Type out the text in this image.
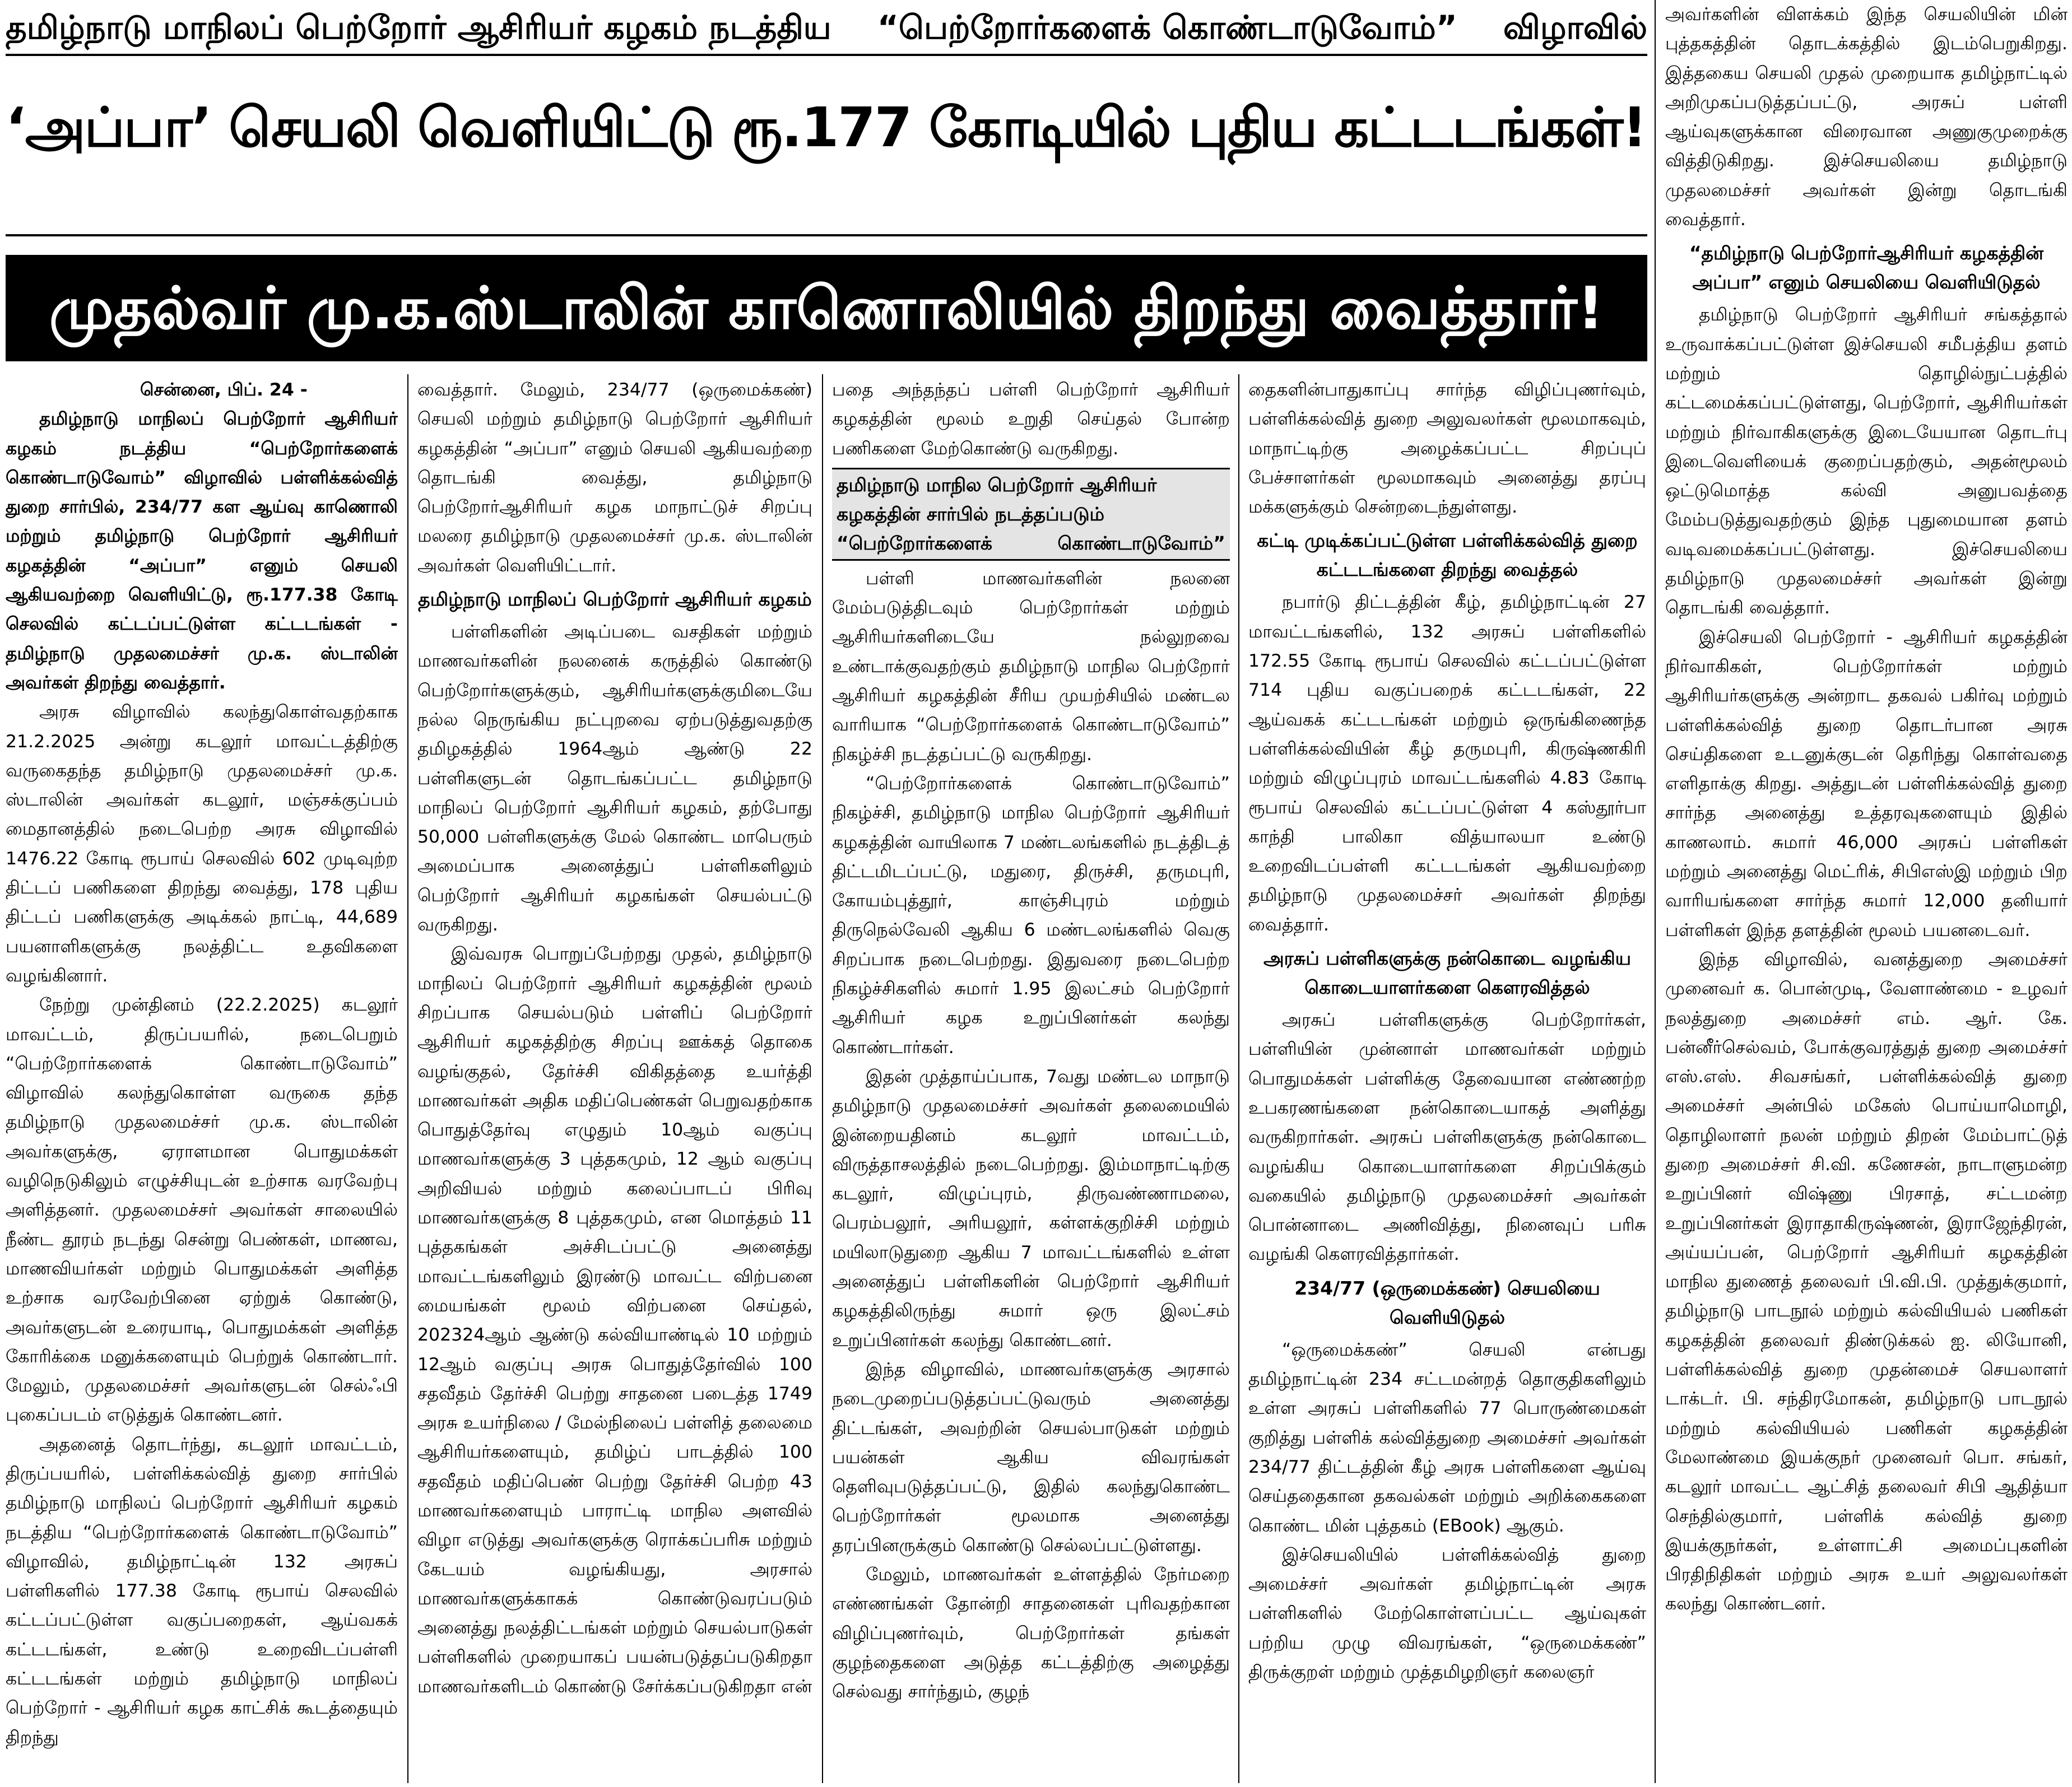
தமிழ்நாடு மாநிலப் பெற்றோர் ஆசிரியர் கழகம் நடத்திய “பெற்றோர்களைக் கொண்டாடுவோம்” விழாவில்
‘அப்பா’ செயலி வெளியிட்டு ரூ.177 கோடியில் புதிய கட்டடங்கள்!
முதல்வர் மு.க.ஸ்டாலின் காணொலியில் திறந்து வைத்தார்!

சென்னை, பிப். 24 -

தமிழ்நாடு மாநிலப் பெற்றோர் ஆசிரியர் கழகம் நடத்திய “பெற்றோர்களைக் கொண்டாடுவோம்” விழாவில் பள்ளிக்கல்வித் துறை சார்பில், 234/77 கள ஆய்வு காணொலி மற்றும் தமிழ்நாடு பெற்றோர் ஆசிரியர் கழகத்தின் “அப்பா” எனும் செயலி ஆகியவற்றை வெளியிட்டு, ரூ.177.38 கோடி செலவில் கட்டப்பட்டுள்ள கட்டடங்கள் - தமிழ்நாடு முதலமைச்சர் மு.க. ஸ்டாலின் அவர்கள் திறந்து வைத்தார்.

அரசு விழாவில் கலந்துகொள்வதற்காக 21.2.2025 அன்று கடலூர் மாவட்டத்திற்கு வருகைதந்த தமிழ்நாடு முதலமைச்சர் மு.க. ஸ்டாலின் அவர்கள் கடலூர், மஞ்சக்குப்பம் மைதானத்தில் நடைபெற்ற அரசு விழாவில் 1476.22 கோடி ரூபாய் செலவில் 602 முடிவுற்ற திட்டப் பணிகளை திறந்து வைத்து, 178 புதிய திட்டப் பணிகளுக்கு அடிக்கல் நாட்டி, 44,689 பயனாளிகளுக்கு நலத்திட்ட உதவிகளை வழங்கினார்.

நேற்று முன்தினம் (22.2.2025) கடலூர் மாவட்டம், திருப்பயரில், நடைபெறும் “பெற்றோர்களைக் கொண்டாடுவோம்” விழாவில் கலந்துகொள்ள வருகை தந்த தமிழ்நாடு முதலமைச்சர் மு.க. ஸ்டாலின் அவர்களுக்கு, ஏராளமான பொதுமக்கள் வழிநெடுகிலும் எழுச்சியுடன் உற்சாக வரவேற்பு அளித்தனர். முதலமைச்சர் அவர்கள் சாலையில் நீண்ட தூரம் நடந்து சென்று பெண்கள், மாணவ, மாணவியர்கள் மற்றும் பொதுமக்கள் அளித்த உற்சாக வரவேற்பினை ஏற்றுக் கொண்டு, அவர்களுடன் உரையாடி, பொதுமக்கள் அளித்த கோரிக்கை மனுக்களையும் பெற்றுக் கொண்டார். மேலும், முதலமைச்சர் அவர்களுடன் செல்ஃபி புகைப்படம் எடுத்துக் கொண்டனர்.

அதனைத் தொடர்ந்து, கடலூர் மாவட்டம், திருப்பயரில், பள்ளிக்கல்வித் துறை சார்பில் தமிழ்நாடு மாநிலப் பெற்றோர் ஆசிரியர் கழகம் நடத்திய “பெற்றோர்களைக் கொண்டாடுவோம்” விழாவில், தமிழ்நாட்டின் 132 அரசுப் பள்ளிகளில் 177.38 கோடி ரூபாய் செலவில் கட்டப்பட்டுள்ள வகுப்பறைகள், ஆய்வகக் கட்டடங்கள், உண்டு உறைவிடப்பள்ளி கட்டடங்கள் மற்றும் தமிழ்நாடு மாநிலப் பெற்றோர் - ஆசிரியர் கழக காட்சிக் கூடத்தையும் திறந்து

வைத்தார். மேலும், 234/77 (ஒருமைக்கண்) செயலி மற்றும் தமிழ்நாடு பெற்றோர் ஆசிரியர் கழகத்தின் “அப்பா” எனும் செயலி ஆகியவற்றை தொடங்கி வைத்து, தமிழ்நாடு பெற்றோர்ஆசிரியர் கழக மாநாட்டுச் சிறப்பு மலரை தமிழ்நாடு முதலமைச்சர் மு.க. ஸ்டாலின் அவர்கள் வெளியிட்டார்.

தமிழ்நாடு மாநிலப் பெற்றோர் ஆசிரியர் கழகம்

பள்ளிகளின் அடிப்படை வசதிகள் மற்றும் மாணவர்களின் நலனைக் கருத்தில் கொண்டு பெற்றோர்களுக்கும், ஆசிரியர்களுக்குமிடையே நல்ல நெருங்கிய நட்புறவை ஏற்படுத்துவதற்கு தமிழகத்தில் 1964ஆம் ஆண்டு 22 பள்ளிகளுடன் தொடங்கப்பட்ட தமிழ்நாடு மாநிலப் பெற்றோர் ஆசிரியர் கழகம், தற்போது 50,000 பள்ளிகளுக்கு மேல் கொண்ட மாபெரும் அமைப்பாக அனைத்துப் பள்ளிகளிலும் பெற்றோர் ஆசிரியர் கழகங்கள் செயல்பட்டு வருகிறது.

இவ்வரசு பொறுப்பேற்றது முதல், தமிழ்நாடு மாநிலப் பெற்றோர் ஆசிரியர் கழகத்தின் மூலம் சிறப்பாக செயல்படும் பள்ளிப் பெற்றோர் ஆசிரியர் கழகத்திற்கு சிறப்பு ஊக்கத் தொகை வழங்குதல், தேர்ச்சி விகிதத்தை உயர்த்தி மாணவர்கள் அதிக மதிப்பெண்கள் பெறுவதற்காக பொதுத்தேர்வு எழுதும் 10ஆம் வகுப்பு மாணவர்களுக்கு 3 புத்தகமும், 12 ஆம் வகுப்பு அறிவியல் மற்றும் கலைப்பாடப் பிரிவு மாணவர்களுக்கு 8 புத்தகமும், என மொத்தம் 11 புத்தகங்கள் அச்சிடப்பட்டு அனைத்து மாவட்டங்களிலும் இரண்டு மாவட்ட விற்பனை மையங்கள் மூலம் விற்பனை செய்தல், 202324ஆம் ஆண்டு கல்வியாண்டில் 10 மற்றும் 12ஆம் வகுப்பு அரசு பொதுத்தேர்வில் 100 சதவீதம் தேர்ச்சி பெற்று சாதனை படைத்த 1749 அரசு உயர்நிலை / மேல்நிலைப் பள்ளித் தலைமை ஆசிரியர்களையும், தமிழ்ப் பாடத்தில் 100 சதவீதம் மதிப்பெண் பெற்று தேர்ச்சி பெற்ற 43 மாணவர்களையும் பாராட்டி மாநில அளவில் விழா எடுத்து அவர்களுக்கு ரொக்கப்பரிசு மற்றும் கேடயம் வழங்கியது, அரசால் மாணவர்களுக்காகக் கொண்டுவரப்படும் அனைத்து நலத்திட்டங்கள் மற்றும் செயல்பாடுகள் பள்ளிகளில் முறையாகப் பயன்படுத்தப்படுகிறதா மாணவர்களிடம் கொண்டு சேர்க்கப்படுகிறதா என்

பதை அந்தந்தப் பள்ளி பெற்றோர் ஆசிரியர் கழகத்தின் மூலம் உறுதி செய்தல் போன்ற பணிகளை மேற்கொண்டு வருகிறது.

தமிழ்நாடு மாநில பெற்றோர் ஆசிரியர் கழகத்தின் சார்பில் நடத்தப்படும் “பெற்றோர்களைக் கொண்டாடுவோம்”

பள்ளி மாணவர்களின் நலனை மேம்படுத்திடவும் பெற்றோர்கள் மற்றும் ஆசிரியர்களிடையே நல்லுறவை உண்டாக்குவதற்கும் தமிழ்நாடு மாநில பெற்றோர் ஆசிரியர் கழகத்தின் சீரிய முயற்சியில் மண்டல வாரியாக “பெற்றோர்களைக் கொண்டாடுவோம்” நிகழ்ச்சி நடத்தப்பட்டு வருகிறது.

“பெற்றோர்களைக் கொண்டாடுவோம்” நிகழ்ச்சி, தமிழ்நாடு மாநில பெற்றோர் ஆசிரியர் கழகத்தின் வாயிலாக 7 மண்டலங்களில் நடத்திடத் திட்டமிடப்பட்டு, மதுரை, திருச்சி, தருமபுரி, கோயம்புத்தூர், காஞ்சிபுரம் மற்றும் திருநெல்வேலி ஆகிய 6 மண்டலங்களில் வெகு சிறப்பாக நடைபெற்றது. இதுவரை நடைபெற்ற நிகழ்ச்சிகளில் சுமார் 1.95 இலட்சம் பெற்றோர் ஆசிரியர் கழக உறுப்பினர்கள் கலந்து கொண்டார்கள்.

இதன் முத்தாய்ப்பாக, 7வது மண்டல மாநாடு தமிழ்நாடு முதலமைச்சர் அவர்கள் தலைமையில் இன்றையதினம் கடலூர் மாவட்டம், விருத்தாசலத்தில் நடைபெற்றது. இம்மாநாட்டிற்கு கடலூர், விழுப்புரம், திருவண்ணாமலை, பெரம்பலூர், அரியலூர், கள்ளக்குறிச்சி மற்றும் மயிலாடுதுறை ஆகிய 7 மாவட்டங்களில் உள்ள அனைத்துப் பள்ளிகளின் பெற்றோர் ஆசிரியர் கழகத்திலிருந்து சுமார் ஒரு இலட்சம் உறுப்பினர்கள் கலந்து கொண்டனர்.

இந்த விழாவில், மாணவர்களுக்கு அரசால் நடைமுறைப்படுத்தப்பட்டுவரும் அனைத்து திட்டங்கள், அவற்றின் செயல்பாடுகள் மற்றும் பயன்கள் ஆகிய விவரங்கள் தெளிவுபடுத்தப்பட்டு, இதில் கலந்துகொண்ட பெற்றோர்கள் மூலமாக அனைத்து தரப்பினருக்கும் கொண்டு செல்லப்பட்டுள்ளது.

மேலும், மாணவர்கள் உள்ளத்தில் நேர்மறை எண்ணங்கள் தோன்றி சாதனைகள் புரிவதற்கான விழிப்புணர்வும், பெற்றோர்கள் தங்கள் குழந்தைகளை அடுத்த கட்டத்திற்கு அழைத்து செல்வது சார்ந்தும், குழந்

தைகளின்பாதுகாப்பு சார்ந்த விழிப்புணர்வும், பள்ளிக்கல்வித் துறை அலுவலர்கள் மூலமாகவும், மாநாட்டிற்கு அழைக்கப்பட்ட சிறப்புப் பேச்சாளர்கள் மூலமாகவும் அனைத்து தரப்பு மக்களுக்கும் சென்றடைந்துள்ளது.

கட்டி முடிக்கப்பட்டுள்ள பள்ளிக்கல்வித் துறை கட்டடங்களை திறந்து வைத்தல்

நபார்டு திட்டத்தின் கீழ், தமிழ்நாட்டின் 27 மாவட்டங்களில், 132 அரசுப் பள்ளிகளில் 172.55 கோடி ரூபாய் செலவில் கட்டப்பட்டுள்ள 714 புதிய வகுப்பறைக் கட்டடங்கள், 22 ஆய்வகக் கட்டடங்கள் மற்றும் ஒருங்கிணைந்த பள்ளிக்கல்வியின் கீழ் தருமபுரி, கிருஷ்ணகிரி மற்றும் விழுப்புரம் மாவட்டங்களில் 4.83 கோடி ரூபாய் செலவில் கட்டப்பட்டுள்ள 4 கஸ்தூர்பா காந்தி பாலிகா வித்யாலயா உண்டு உறைவிடப்பள்ளி கட்டடங்கள் ஆகியவற்றை தமிழ்நாடு முதலமைச்சர் அவர்கள் திறந்து வைத்தார்.

அரசுப் பள்ளிகளுக்கு நன்கொடை வழங்கிய கொடையாளர்களை கௌரவித்தல்

அரசுப் பள்ளிகளுக்கு பெற்றோர்கள், பள்ளியின் முன்னாள் மாணவர்கள் மற்றும் பொதுமக்கள் பள்ளிக்கு தேவையான எண்ணற்ற உபகரணங்களை நன்கொடையாகத் அளித்து வருகிறார்கள். அரசுப் பள்ளிகளுக்கு நன்கொடை வழங்கிய கொடையாளர்களை சிறப்பிக்கும் வகையில் தமிழ்நாடு முதலமைச்சர் அவர்கள் பொன்னாடை அணிவித்து, நினைவுப் பரிசு வழங்கி கௌரவித்தார்கள்.

234/77 (ஒருமைக்கண்) செயலியை வெளியிடுதல்

“ஒருமைக்கண்” செயலி என்பது தமிழ்நாட்டின் 234 சட்டமன்றத் தொகுதிகளிலும் உள்ள அரசுப் பள்ளிகளில் 77 பொருண்மைகள் குறித்து பள்ளிக் கல்வித்துறை அமைச்சர் அவர்கள் 234/77 திட்டத்தின் கீழ் அரசு பள்ளிகளை ஆய்வு செய்ததைகான தகவல்கள் மற்றும் அறிக்கைகளை கொண்ட மின் புத்தகம் (EBook) ஆகும்.

இச்செயலியில் பள்ளிக்கல்வித் துறை அமைச்சர் அவர்கள் தமிழ்நாட்டின் அரசு பள்ளிகளில் மேற்கொள்ளப்பட்ட ஆய்வுகள் பற்றிய முழு விவரங்கள், “ஒருமைக்கண்” திருக்குறள் மற்றும் முத்தமிழறிஞர் கலைஞர்

அவர்களின் விளக்கம் இந்த செயலியின் மின் புத்தகத்தின் தொடக்கத்தில் இடம்பெறுகிறது. இத்தகைய செயலி முதல் முறையாக தமிழ்நாட்டில் அறிமுகப்படுத்தப்பட்டு, அரசுப் பள்ளி ஆய்வுகளுக்கான விரைவான அணுகுமுறைக்கு வித்திடுகிறது. இச்செயலியை தமிழ்நாடு முதலமைச்சர் அவர்கள் இன்று தொடங்கி வைத்தார்.

“தமிழ்நாடு பெற்றோர்ஆசிரியர் கழகத்தின் அப்பா” எனும் செயலியை வெளியிடுதல்

தமிழ்நாடு பெற்றோர் ஆசிரியர் சங்கத்தால் உருவாக்கப்பட்டுள்ள இச்செயலி சமீபத்திய தளம் மற்றும் தொழில்நுட்பத்தில் கட்டமைக்கப்பட்டுள்ளது, பெற்றோர், ஆசிரியர்கள் மற்றும் நிர்வாகிகளுக்கு இடையேயான தொடர்பு இடைவெளியைக் குறைப்பதற்கும், அதன்மூலம் ஒட்டுமொத்த கல்வி அனுபவத்தை மேம்படுத்துவதற்கும் இந்த புதுமையான தளம் வடிவமைக்கப்பட்டுள்ளது. இச்செயலியை தமிழ்நாடு முதலமைச்சர் அவர்கள் இன்று தொடங்கி வைத்தார்.

இச்செயலி பெற்றோர் - ஆசிரியர் கழகத்தின் நிர்வாகிகள், பெற்றோர்கள் மற்றும் ஆசிரியர்களுக்கு அன்றாட தகவல் பகிர்வு மற்றும் பள்ளிக்கல்வித் துறை தொடர்பான அரசு செய்திகளை உடனுக்குடன் தெரிந்து கொள்வதை எளிதாக்கு கிறது. அத்துடன் பள்ளிக்கல்வித் துறை சார்ந்த அனைத்து உத்தரவுகளையும் இதில் காணலாம். சுமார் 46,000 அரசுப் பள்ளிகள் மற்றும் அனைத்து மெட்ரிக், சிபிஎஸ்இ மற்றும் பிற வாரியங்களை சார்ந்த சுமார் 12,000 தனியார் பள்ளிகள் இந்த தளத்தின் மூலம் பயனடைவர்.

இந்த விழாவில், வனத்துறை அமைச்சர் முனைவர் க. பொன்முடி, வேளாண்மை - உழவர் நலத்துறை அமைச்சர் எம். ஆர். கே. பன்னீர்செல்வம், போக்குவரத்துத் துறை அமைச்சர் எஸ்.எஸ். சிவசங்கர், பள்ளிக்கல்வித் துறை அமைச்சர் அன்பில் மகேஸ் பொய்யாமொழி, தொழிலாளர் நலன் மற்றும் திறன் மேம்பாட்டுத் துறை அமைச்சர் சி.வி. கணேசன், நாடாளுமன்ற உறுப்பினர் விஷ்ணு பிரசாத், சட்டமன்ற உறுப்பினர்கள் இராதாகிருஷ்ணன், இராஜேந்திரன், அய்யப்பன், பெற்றோர் ஆசிரியர் கழகத்தின் மாநில துணைத் தலைவர் பி.வி.பி. முத்துக்குமார், தமிழ்நாடு பாடநூல் மற்றும் கல்வியியல் பணிகள் கழகத்தின் தலைவர் திண்டுக்கல் ஐ. லியோனி, பள்ளிக்கல்வித் துறை முதன்மைச் செயலாளர் டாக்டர். பி. சந்திரமோகன், தமிழ்நாடு பாடநூல் மற்றும் கல்வியியல் பணிகள் கழகத்தின் மேலாண்மை இயக்குநர் முனைவர் பொ. சங்கர், கடலூர் மாவட்ட ஆட்சித் தலைவர் சிபி ஆதித்யா செந்தில்குமார், பள்ளிக் கல்வித் துறை இயக்குநர்கள், உள்ளாட்சி அமைப்புகளின் பிரதிநிதிகள் மற்றும் அரசு உயர் அலுவலர்கள் கலந்து கொண்டனர்.
